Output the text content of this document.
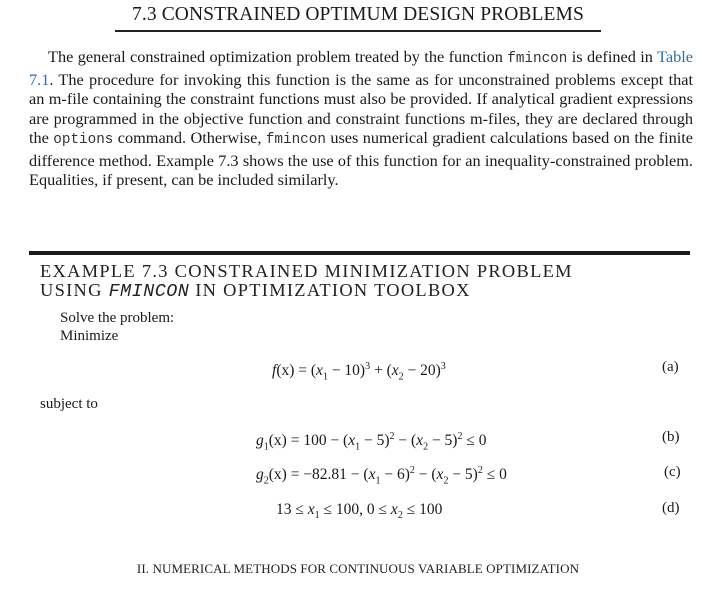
7.3 CONSTRAINED OPTIMUM DESIGN PROBLEMS
The general constrained optimization problem treated by the function fmincon is defined in Table 7.1. The procedure for invoking this function is the same as for unconstrained problems except that an m-file containing the constraint functions must also be provided. If analytical gradient expressions are programmed in the objective function and constraint functions m-files, they are declared through the options command. Otherwise, fmincon uses numerical gradient calculations based on the finite difference method. Example 7.3 shows the use of this function for an inequality-constrained problem. Equalities, if present, can be included similarly.
EXAMPLE 7.3 CONSTRAINED MINIMIZATION PROBLEM
USING FMINCON IN OPTIMIZATION TOOLBOX
Solve the problem:
Minimize
$f(x) = (x_1 - 10)^3 + (x_2 - 20)^3$	(a)
subject to
$g_1(x) = 100 - (x_1 - 5)^2 - (x_2 - 5)^2 \le 0$	(b)
$g_2(x) = -82.81 - (x_1 - 6)^2 - (x_2 - 5)^2 \le 0$	(c)
$13 \le x_1 \le 100$, $0 \le x_2 \le 100$	(d)
II. NUMERICAL METHODS FOR CONTINUOUS VARIABLE OPTIMIZATION
